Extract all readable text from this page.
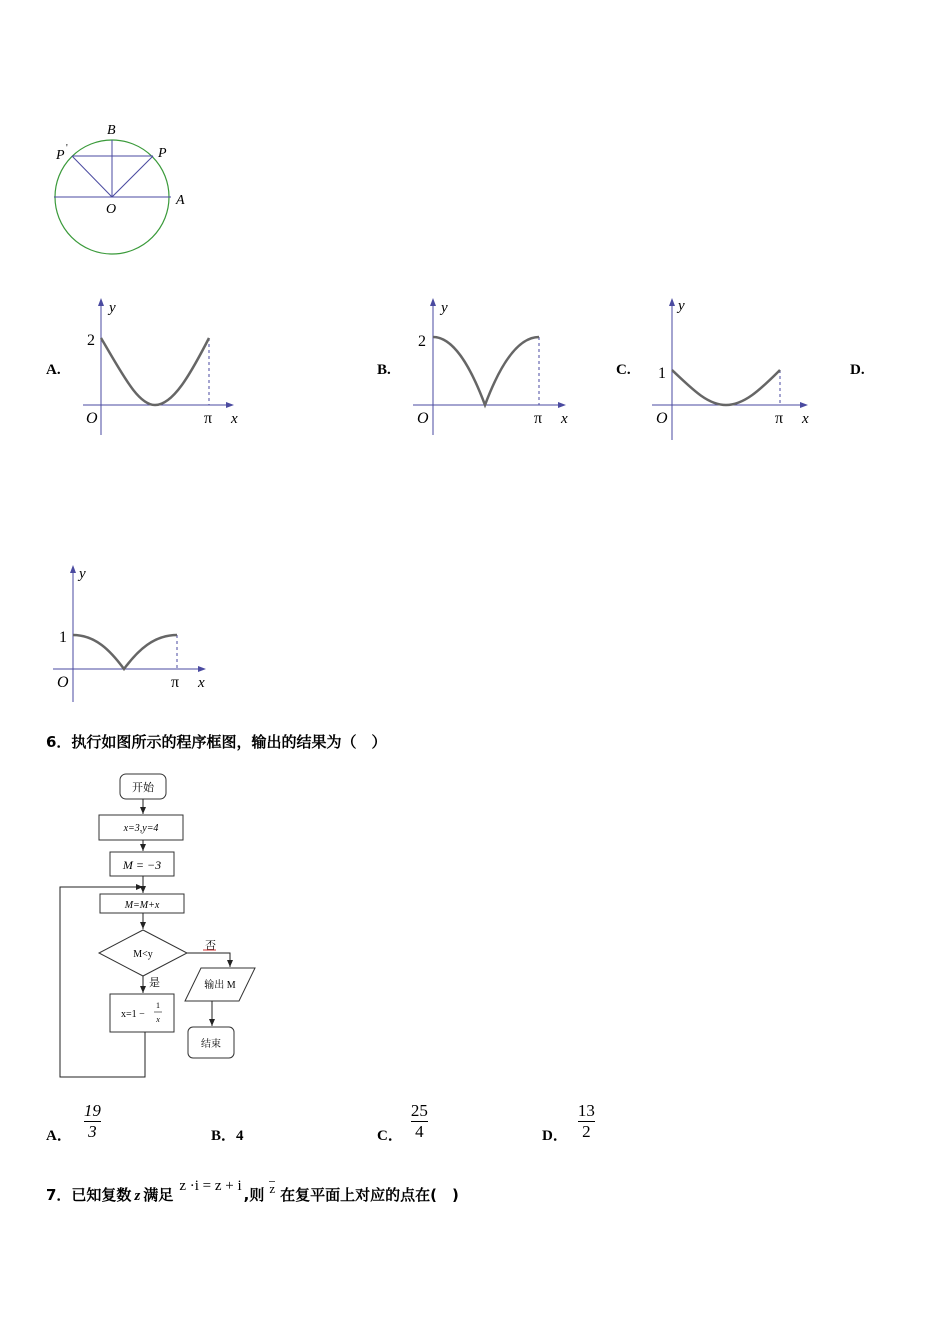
B
P '	P
O
A
A.
y
2
O	π x
B.
y
2
O	π x
C.
y
1
O	π x
D.
y
1
O	π x
6．执行如图所示的程序框图，输出的结果为（　）
开始
x=3,y=4
M = −3
M=M+x
M<y
否
输出 M
结束
是
x=1 −
1
x
A． $\frac{19}{3}$	B．4	C． $\frac{25}{4}$	D． $\frac{13}{2}$
7．已知复数 z 满足 z ·i = z + i ,则 z 在复平面上对应的点在(　)
